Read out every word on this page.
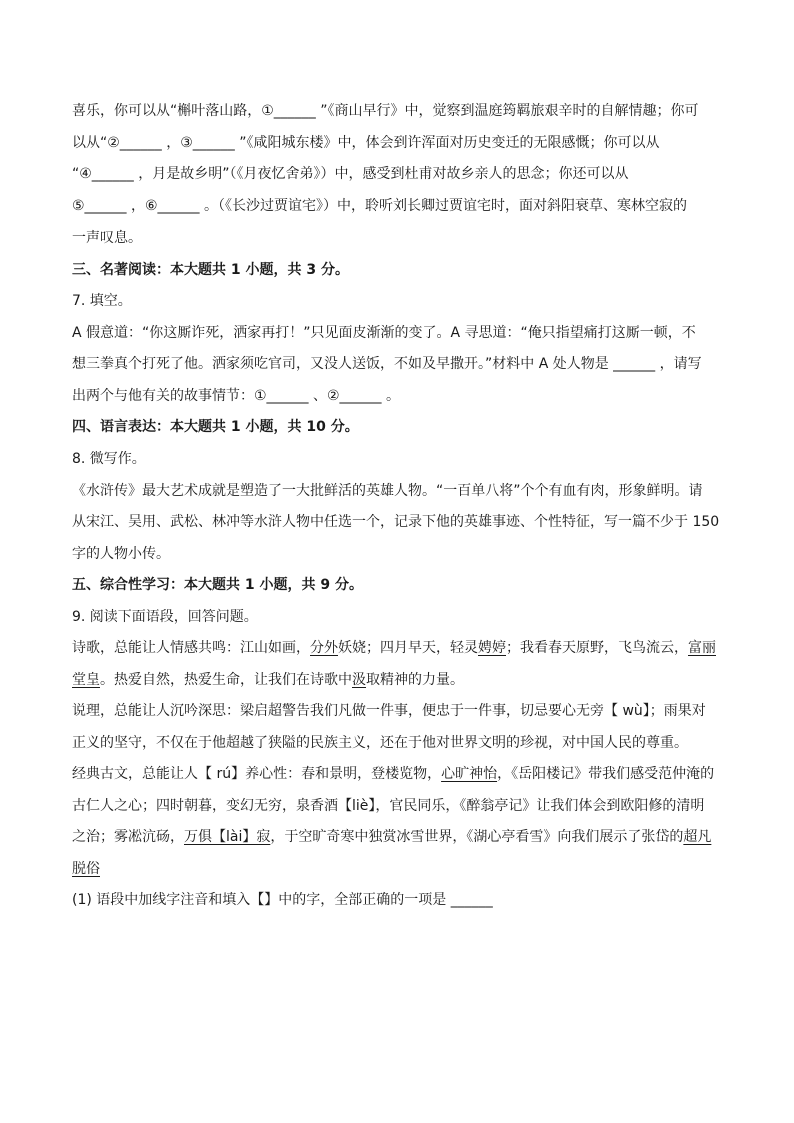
喜乐，你可以从“槲叶落山路，①______ ”《商山早行》中，觉察到温庭筠羁旅艰辛时的自解情趣；你可
以从“②______ ，③______ ”《咸阳城东楼》中，体会到许浑面对历史变迁的无限感慨；你可以从
“④______ ，月是故乡明”（《月夜忆舍弟》）中，感受到杜甫对故乡亲人的思念；你还可以从
⑤______ ，⑥______ 。（《长沙过贾谊宅》）中，聆听刘长卿过贾谊宅时，面对斜阳衰草、寒林空寂的
一声叹息。
三、名著阅读：本大题共 1 小题，共 3 分。
7. 填空。
A 假意道：“你这厮诈死，洒家再打！”只见面皮渐渐的变了。A 寻思道：“俺只指望痛打这厮一顿，不
想三拳真个打死了他。洒家须吃官司，又没人送饭，不如及早撒开。”材料中 A 处人物是 ______ ，请写
出两个与他有关的故事情节：①______ 、②______ 。
四、语言表达：本大题共 1 小题，共 10 分。
8. 微写作。
《水浒传》最大艺术成就是塑造了一大批鲜活的英雄人物。“一百单八将”个个有血有肉，形象鲜明。请
从宋江、吴用、武松、林冲等水浒人物中任选一个，记录下他的英雄事迹、个性特征，写一篇不少于 150
字的人物小传。
五、综合性学习：本大题共 1 小题，共 9 分。
9. 阅读下面语段，回答问题。
诗歌，总能让人情感共鸣：江山如画，分外妖娆；四月早天，轻灵娉婷；我看春天原野，飞鸟流云，富丽
堂皇。热爱自然，热爱生命，让我们在诗歌中汲取精神的力量。
说理，总能让人沉吟深思：梁启超警告我们凡做一件事，便忠于一件事，切忌要心无旁【 wù】；雨果对
正义的坚守，不仅在于他超越了狭隘的民族主义，还在于他对世界文明的珍视，对中国人民的尊重。
经典古文，总能让人【 rú】养心性：春和景明，登楼览物，心旷神怡，《岳阳楼记》带我们感受范仲淹的
古仁人之心；四时朝暮，变幻无穷，泉香酒【liè】，官民同乐，《醉翁亭记》让我们体会到欧阳修的清明
之治；雾凇沆砀，万俱【lài】寂，于空旷奇寒中独赏冰雪世界，《湖心亭看雪》向我们展示了张岱的超凡
脱俗
(1) 语段中加线字注音和填入【】中的字，全部正确的一项是 ______
